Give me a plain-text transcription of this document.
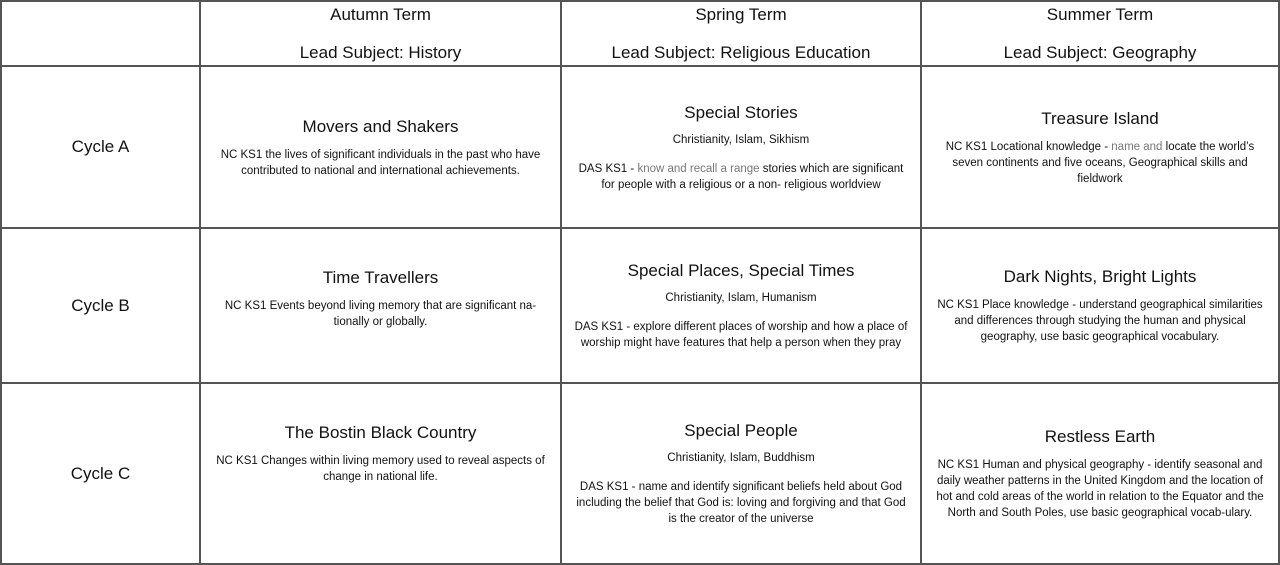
Autumn Term
Lead Subject: History
Spring Term
Lead Subject: Religious Education
Summer Term
Lead Subject: Geography
Cycle A
Movers and Shakers
NC KS1 the lives of significant individuals in the past who have contributed to national and international achievements.
Special Stories
Christianity, Islam, Sikhism
DAS KS1 - know and recall a range stories which are significant for people with a religious or a non- religious worldview
Treasure Island
NC KS1 Locational knowledge - name and locate the world’s seven continents and five oceans, Geographical skills and fieldwork
Cycle B
Time Travellers
NC KS1 Events beyond living memory that are significant na-tionally or globally.
Special Places, Special Times
Christianity, Islam, Humanism
DAS KS1 - explore different places of worship and how a place of worship might have features that help a person when they pray
Dark Nights, Bright Lights
NC KS1 Place knowledge - understand geographical similarities and differences through studying the human and physical geography, use basic geographical vocabulary.
Cycle C
The Bostin Black Country
NC KS1 Changes within living memory used to reveal aspects of change in national life.
Special People
Christianity, Islam, Buddhism
DAS KS1 - name and identify significant beliefs held about God including the belief that God is: loving and forgiving and that God is the creator of the universe
Restless Earth
NC KS1 Human and physical geography - identify seasonal and daily weather patterns in the United Kingdom and the location of hot and cold areas of the world in relation to the Equator and the North and South Poles, use basic geographical vocab-ulary.
